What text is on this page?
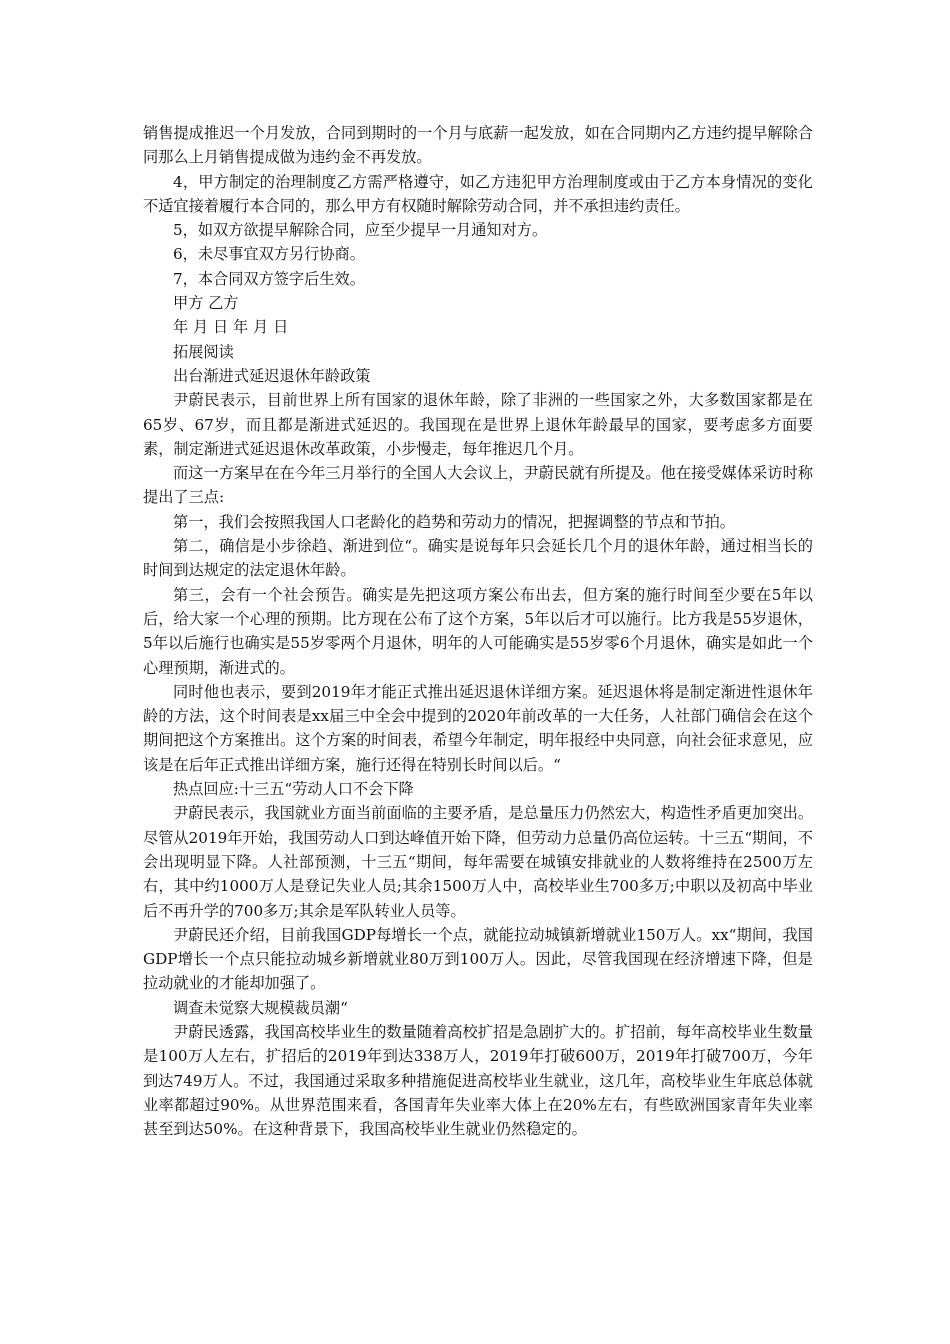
销售提成推迟一个月发放，合同到期时的一个月与底薪一起发放，如在合同期内乙方违约提早解除合同那么上月销售提成做为违约金不再发放。

4，甲方制定的治理制度乙方需严格遵守，如乙方违犯甲方治理制度或由于乙方本身情况的变化不适宜接着履行本合同的，那么甲方有权随时解除劳动合同，并不承担违约责任。

5，如双方欲提早解除合同，应至少提早一月通知对方。

6，未尽事宜双方另行协商。

7，本合同双方签字后生效。

甲方 乙方

年 月 日 年 月 日

拓展阅读

出台渐进式延迟退休年龄政策

尹蔚民表示，目前世界上所有国家的退休年龄，除了非洲的一些国家之外，大多数国家都是在65岁、67岁，而且都是渐进式延迟的。我国现在是世界上退休年龄最早的国家，要考虑多方面要素，制定渐进式延迟退休改革政策，小步慢走，每年推迟几个月。

而这一方案早在在今年三月举行的全国人大会议上，尹蔚民就有所提及。他在接受媒体采访时称提出了三点:

第一，我们会按照我国人口老龄化的趋势和劳动力的情况，把握调整的节点和节拍。

第二，确信是小步徐趋、渐进到位“。确实是说每年只会延长几个月的退休年龄，通过相当长的时间到达规定的法定退休年龄。

第三，会有一个社会预告。确实是先把这项方案公布出去，但方案的施行时间至少要在5年以后，给大家一个心理的预期。比方现在公布了这个方案，5年以后才可以施行。比方我是55岁退休，5年以后施行也确实是55岁零两个月退休，明年的人可能确实是55岁零6个月退休，确实是如此一个心理预期，渐进式的。

同时他也表示，要到2019年才能正式推出延迟退休详细方案。延迟退休将是制定渐进性退休年龄的方法，这个时间表是xx届三中全会中提到的2020年前改革的一大任务，人社部门确信会在这个期间把这个方案推出。这个方案的时间表，希望今年制定，明年报经中央同意，向社会征求意见，应该是在后年正式推出详细方案，施行还得在特别长时间以后。“

热点回应:十三五“劳动人口不会下降

尹蔚民表示，我国就业方面当前面临的主要矛盾，是总量压力仍然宏大，构造性矛盾更加突出。尽管从2019年开始，我国劳动人口到达峰值开始下降，但劳动力总量仍高位运转。十三五“期间，不会出现明显下降。人社部预测，十三五“期间，每年需要在城镇安排就业的人数将维持在2500万左右，其中约1000万人是登记失业人员;其余1500万人中，高校毕业生700多万;中职以及初高中毕业后不再升学的700多万;其余是军队转业人员等。

尹蔚民还介绍，目前我国GDP每增长一个点，就能拉动城镇新增就业150万人。xx“期间，我国GDP增长一个点只能拉动城乡新增就业80万到100万人。因此，尽管我国现在经济增速下降，但是拉动就业的才能却加强了。

调查未觉察大规模裁员潮“

尹蔚民透露，我国高校毕业生的数量随着高校扩招是急剧扩大的。扩招前，每年高校毕业生数量是100万人左右，扩招后的2019年到达338万人，2019年打破600万，2019年打破700万，今年到达749万人。不过，我国通过采取多种措施促进高校毕业生就业，这几年，高校毕业生年底总体就业率都超过90%。从世界范围来看，各国青年失业率大体上在20%左右，有些欧洲国家青年失业率甚至到达50%。在这种背景下，我国高校毕业生就业仍然稳定的。
